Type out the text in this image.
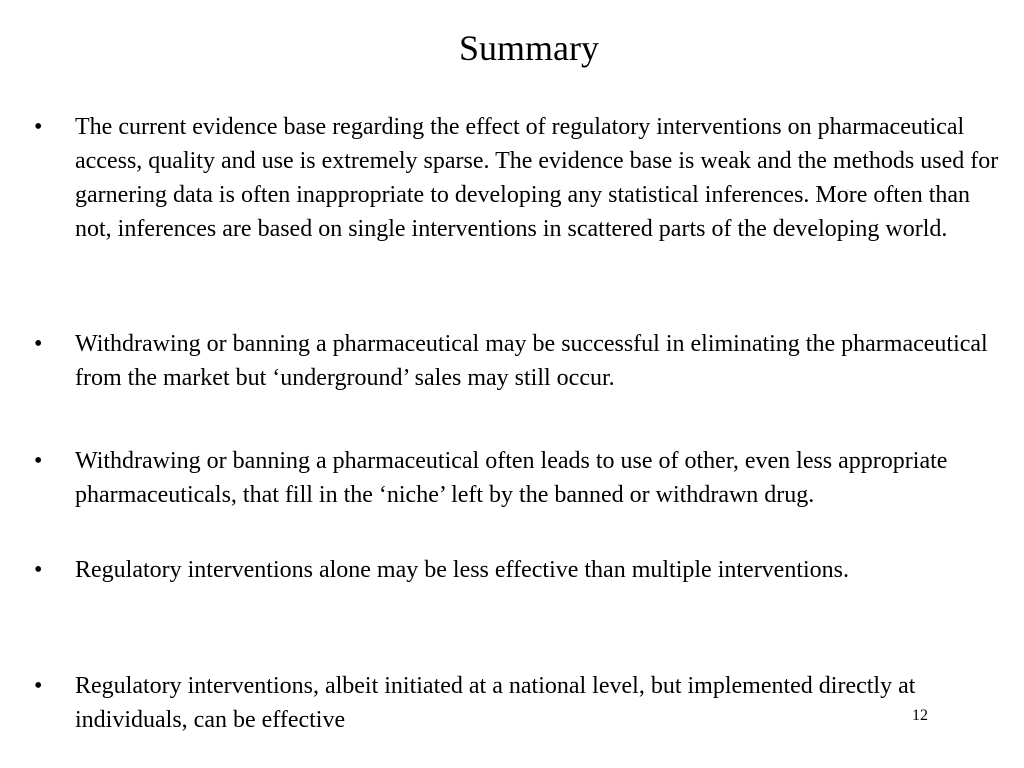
Summary
• The current evidence base regarding the effect of regulatory interventions on pharmaceutical access, quality and use is extremely sparse. The evidence base is weak and the methods used for garnering data is often inappropriate to developing any statistical inferences. More often than not, inferences are based on single interventions in scattered parts of the developing world.
• Withdrawing or banning a pharmaceutical may be successful in eliminating the pharmaceutical from the market but ‘underground’ sales may still occur.
• Withdrawing or banning a pharmaceutical often leads to use of other, even less appropriate pharmaceuticals, that fill in the ‘niche’ left by the banned or withdrawn drug.
• Regulatory interventions alone may be less effective than multiple interventions.
• Regulatory interventions, albeit initiated at a national level, but implemented directly at individuals, can be effective	12
